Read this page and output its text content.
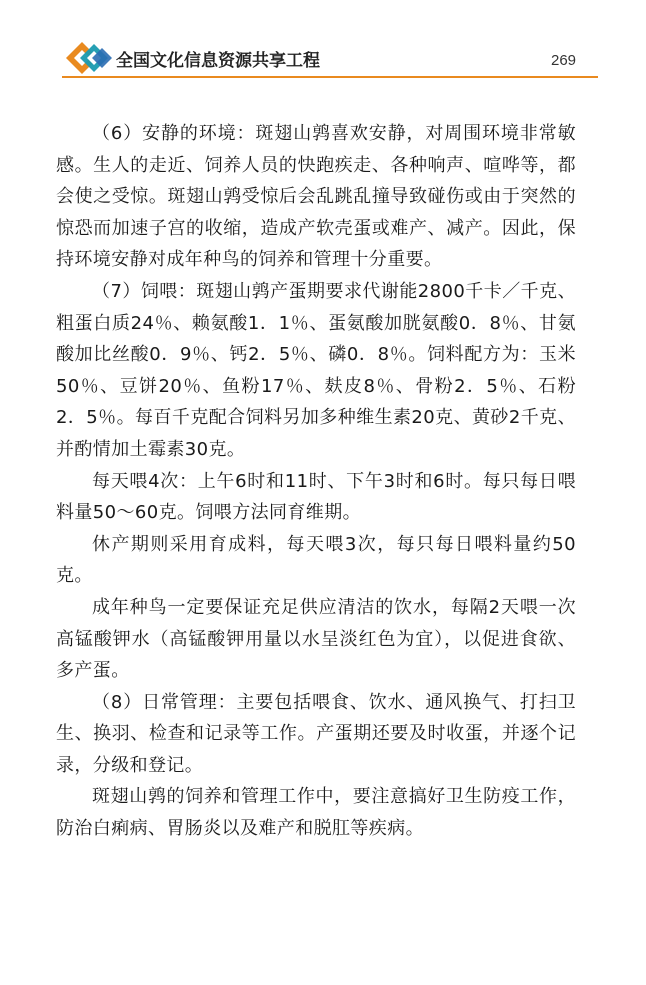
全国文化信息资源共享工程	269

（6）安静的环境：斑翅山鹑喜欢安静，对周围环境非常敏感。生人的走近、饲养人员的快跑疾走、各种响声、喧哗等，都会使之受惊。斑翅山鹑受惊后会乱跳乱撞导致碰伤或由于突然的惊恐而加速子宫的收缩，造成产软壳蛋或难产、减产。因此，保持环境安静对成年种鸟的饲养和管理十分重要。

（7）饲喂：斑翅山鹑产蛋期要求代谢能2800千卡／千克、粗蛋白质24％、赖氨酸1．1％、蛋氨酸加胱氨酸0．8％、甘氨酸加比丝酸0．9％、钙2．5％、磷0．8％。饲料配方为：玉米50％、豆饼20％、鱼粉17％、麸皮8％、骨粉2．5％、石粉2．5％。每百千克配合饲料另加多种维生素20克、黄砂2千克、并酌情加土霉素30克。

每天喂4次：上午6时和11时、下午3时和6时。每只每日喂料量50～60克。饲喂方法同育维期。

休产期则采用育成料，每天喂3次，每只每日喂料量约50克。

成年种鸟一定要保证充足供应清洁的饮水，每隔2天喂一次高锰酸钾水（高锰酸钾用量以水呈淡红色为宜），以促进食欲、多产蛋。

（8）日常管理：主要包括喂食、饮水、通风换气、打扫卫生、换羽、检查和记录等工作。产蛋期还要及时收蛋，并逐个记录，分级和登记。

斑翅山鹑的饲养和管理工作中，要注意搞好卫生防疫工作，防治白痢病、胃肠炎以及难产和脱肛等疾病。
